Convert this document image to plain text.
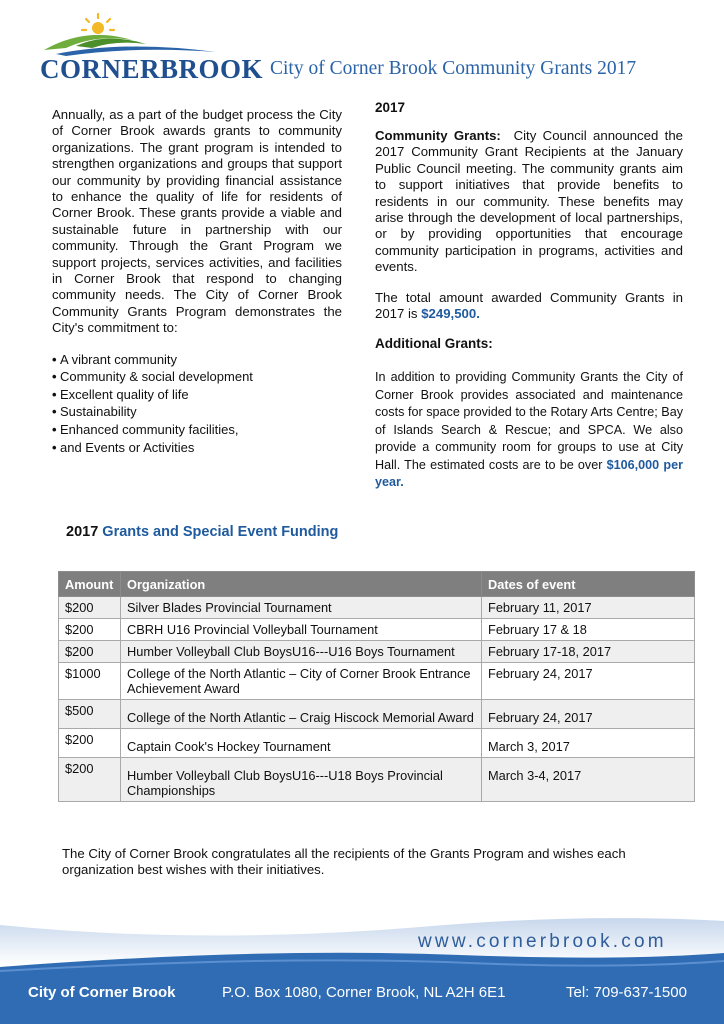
CORNERBROOK City of Corner Brook Community Grants 2017

Annually, as a part of the budget process the City of Corner Brook awards grants to community organizations. The grant program is intended to strengthen organizations and groups that support our community by providing financial assistance to enhance the quality of life for residents of Corner Brook. These grants provide a viable and sustainable future in partnership with our community. Through the Grant Program we support projects, services activities, and facilities in Corner Brook that respond to changing community needs. The City of Corner Brook Community Grants Program demonstrates the City's commitment to:

• A vibrant community
• Community & social development
• Excellent quality of life
• Sustainability
• Enhanced community facilities,
• and Events or Activities
2017

Community Grants: City Council announced the 2017 Community Grant Recipients at the January Public Council meeting. The community grants aim to support initiatives that provide benefits to residents in our community. These benefits may arise through the development of local partnerships, or by providing opportunities that encourage community participation in programs, activities and events.

The total amount awarded Community Grants in 2017 is $249,500.

Additional Grants:

In addition to providing Community Grants the City of Corner Brook provides associated and maintenance costs for space provided to the Rotary Arts Centre; Bay of Islands Search & Rescue; and SPCA. We also provide a community room for groups to use at City Hall. The estimated costs are to be over $106,000 per year.

2017 Grants and Special Event Funding
Amount	Organization	Dates of event
$200	Silver Blades Provincial Tournament	February 11, 2017
$200	CBRH U16 Provincial Volleyball Tournament	February 17 & 18
$200	Humber Volleyball Club BoysU16---U16 Boys Tournament	February 17-18, 2017
$1000	College of the North Atlantic – City of Corner Brook Entrance Achievement Award	February 24, 2017
$500	College of the North Atlantic – Craig Hiscock Memorial Award	February 24, 2017
$200	Captain Cook's Hockey Tournament	March 3, 2017
$200	Humber Volleyball Club BoysU16---U18 Boys Provincial Championships	March 3-4, 2017

The City of Corner Brook congratulates all the recipients of the Grants Program and wishes each organization best wishes with their initiatives.

www.cornerbrook.com
City of Corner Brook	P.O. Box 1080, Corner Brook, NL A2H 6E1	Tel: 709-637-1500
